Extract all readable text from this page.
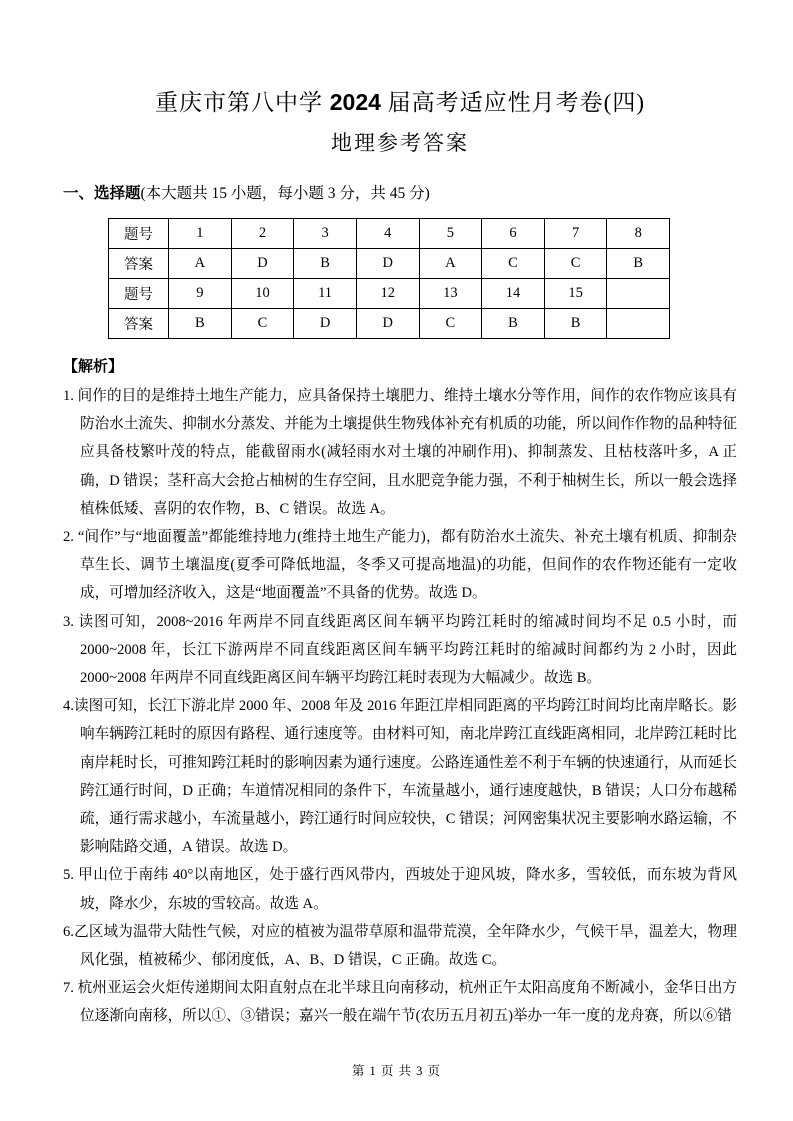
重庆市第八中学 2024 届高考适应性月考卷(四)
地理参考答案
一、选择题(本大题共 15 小题，每小题 3 分，共 45 分)
题号	1	2	3	4	5	6	7	8
答案	A	D	B	D	A	C	C	B
题号	9	10	11	12	13	14	15	
答案	B	C	D	D	C	B	B	
【解析】

1. 间作的目的是维持土地生产能力，应具备保持土壤肥力、维持土壤水分等作用，间作的农作物应该具有防治水土流失、抑制水分蒸发、并能为土壤提供生物残体补充有机质的功能，所以间作作物的品种特征应具备枝繁叶茂的特点，能截留雨水(减轻雨水对土壤的冲刷作用)、抑制蒸发、且枯枝落叶多，A 正确，D 错误；茎秆高大会抢占柚树的生存空间，且水肥竞争能力强，不利于柚树生长，所以一般会选择植株低矮、喜阴的农作物，B、C 错误。故选 A。

2. “间作”与“地面覆盖”都能维持地力(维持土地生产能力)，都有防治水土流失、补充土壤有机质、抑制杂草生长、调节土壤温度(夏季可降低地温，冬季又可提高地温)的功能，但间作的农作物还能有一定收成，可增加经济收入，这是“地面覆盖”不具备的优势。故选 D。

3. 读图可知，2008~2016 年两岸不同直线距离区间车辆平均跨江耗时的缩减时间均不足 0.5 小时，而 2000~2008 年，长江下游两岸不同直线距离区间车辆平均跨江耗时的缩减时间都约为 2 小时，因此 2000~2008 年两岸不同直线距离区间车辆平均跨江耗时表现为大幅减少。故选 B。

4.读图可知，长江下游北岸 2000 年、2008 年及 2016 年距江岸相同距离的平均跨江时间均比南岸略长。影响车辆跨江耗时的原因有路程、通行速度等。由材料可知，南北岸跨江直线距离相同，北岸跨江耗时比南岸耗时长，可推知跨江耗时的影响因素为通行速度。公路连通性差不利于车辆的快速通行，从而延长跨江通行时间，D 正确；车道情况相同的条件下，车流量越小，通行速度越快，B 错误；人口分布越稀疏，通行需求越小，车流量越小，跨江通行时间应较快，C 错误；河网密集状况主要影响水路运输，不影响陆路交通，A 错误。故选 D。

5. 甲山位于南纬 40°以南地区，处于盛行西风带内，西坡处于迎风坡，降水多，雪较低，而东坡为背风坡，降水少，东坡的雪较高。故选 A。

6.乙区域为温带大陆性气候，对应的植被为温带草原和温带荒漠，全年降水少，气候干旱，温差大，物理风化强，植被稀少、郁闭度低，A、B、D 错误，C 正确。故选 C。

7. 杭州亚运会火炬传递期间太阳直射点在北半球且向南移动，杭州正午太阳高度角不断减小，金华日出方位逐渐向南移，所以①、③错误；嘉兴一般在端午节(农历五月初五)举办一年一度的龙舟赛，所以⑥错

第 1 页 共 3 页
